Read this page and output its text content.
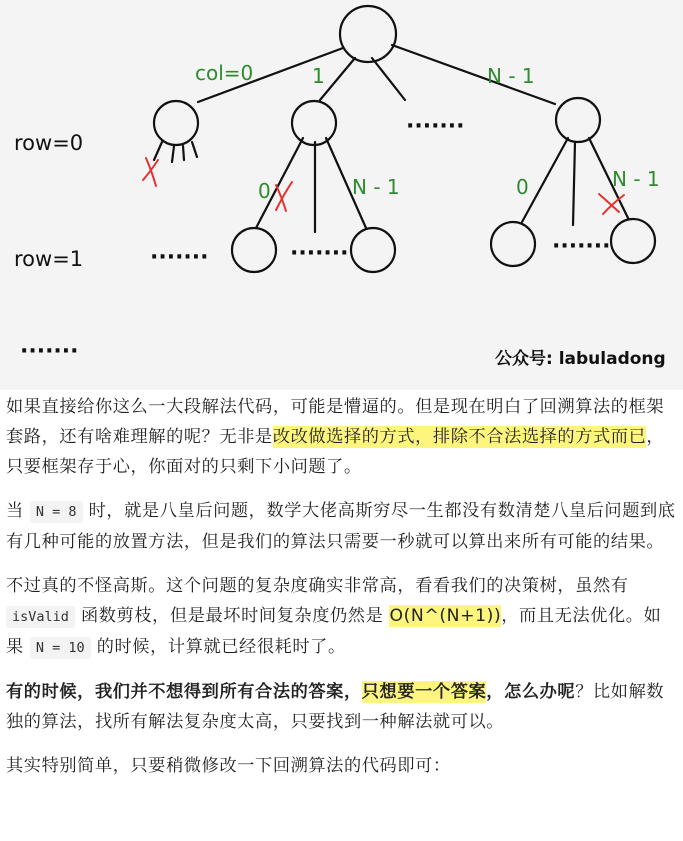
col=0	1	N - 1
row=0
row=1
0	N - 1	0	N - 1
·······
·······	·······	·······
·······	公众号: labuladong

如果直接给你这么一大段解法代码，可能是懵逼的。但是现在明白了回溯算法的框架套路，还有啥难理解的呢？无非是改改做选择的方式，排除不合法选择的方式而已，只要框架存于心，你面对的只剩下小问题了。

当 N = 8 时，就是八皇后问题，数学大佬高斯穷尽一生都没有数清楚八皇后问题到底有几种可能的放置方法，但是我们的算法只需要一秒就可以算出来所有可能的结果。

不过真的不怪高斯。这个问题的复杂度确实非常高，看看我们的决策树，虽然有 isValid 函数剪枝，但是最坏时间复杂度仍然是 O(N^(N+1))，而且无法优化。如果 N = 10 的时候，计算就已经很耗时了。

有的时候，我们并不想得到所有合法的答案，只想要一个答案，怎么办呢？比如解数独的算法，找所有解法复杂度太高，只要找到一种解法就可以。

其实特别简单，只要稍微修改一下回溯算法的代码即可：
